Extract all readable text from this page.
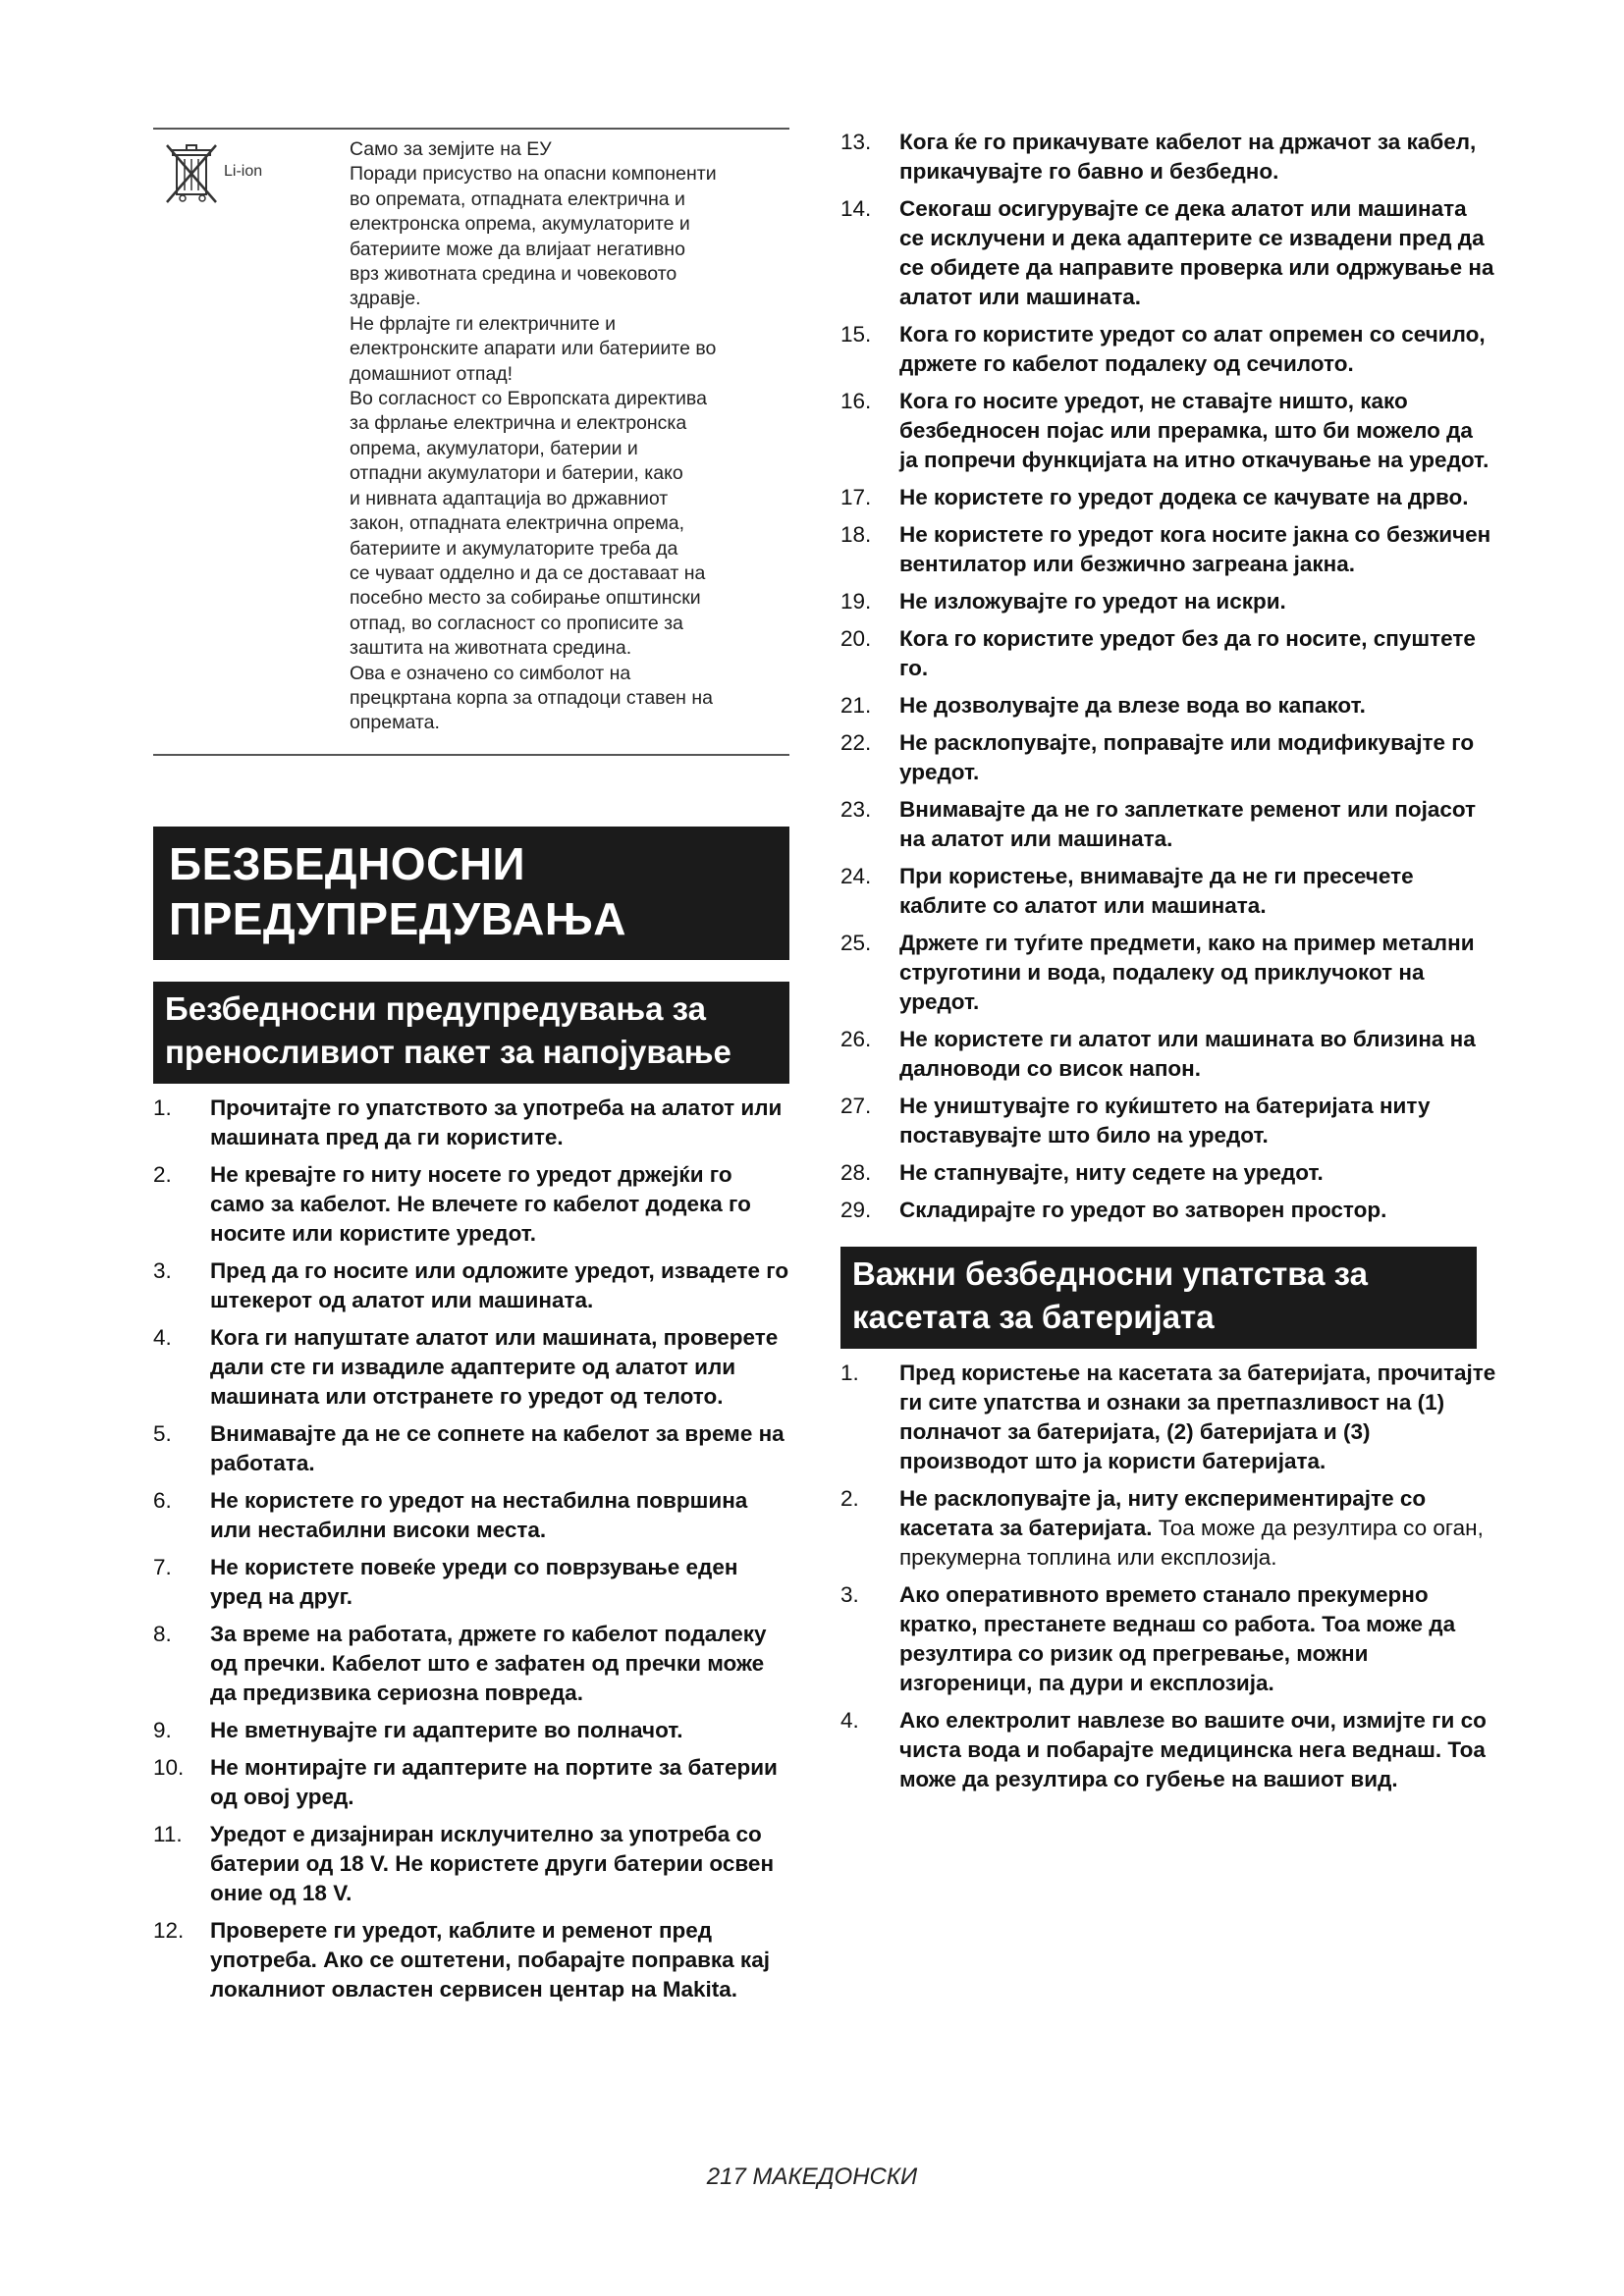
Li-ion

Само за земјите на ЕУ

Поради присуство на опасни компоненти

во опремата, отпадната електрична и

електронска опрема, акумулаторите и

батериите може да влијаат негативно

врз животната средина и човековото

здравје.

Не фрлајте ги електричните и

електронските апарати или батериите во

домашниот отпад!

Во согласност со Европската директива

за фрлање електрична и електронска

опрема, акумулатори, батерии и

отпадни акумулатори и батерии, како

и нивната адаптација во државниот

закон, отпадната електрична опрема,

батериите и акумулаторите треба да

се чуваат одделно и да се доставаат на

посебно место за собирање општински

отпад, во согласност со прописите за

заштита на животната средина.

Ова е означено со симболот на

прецкртана корпа за отпадоци ставен на

опремата.

БЕЗБЕДНОСНИ ПРЕДУПРЕДУВАЊА
Безбедносни предупредувања за преносливиот пакет за напојување
1.	Прочитајте го упатството за употреба на алатот или машината пред да ги користите.
2.	Не кревајте го ниту носете го уредот држејќи го само за кабелот. Не влечете го кабелот додека го носите или користите уредот.
3.	Пред да го носите или одложите уредот, извадете го штекерот од алатот или машината.
4.	Кога ги напуштате алатот или машината, проверете дали сте ги извадиле адаптерите од алатот или машината или отстранете го уредот од телото.
5.	Внимавајте да не се сопнете на кабелот за време на работата.
6.	Не користете го уредот на нестабилна површина или нестабилни високи места.
7.	Не користете повеќе уреди со поврзување еден уред на друг.
8.	За време на работата, држете го кабелот подалеку од пречки. Кабелот што е зафатен од пречки може да предизвика сериозна повреда.
9.	Не вметнувајте ги адаптерите во полначот.
10.	Не монтирајте ги адаптерите на портите за батерии од овој уред.
11.	Уредот е дизајниран исклучително за употреба со батерии од 18 V. Не користете други батерии освен оние од 18 V.
12.	Проверете ги уредот, каблите и ременот пред употреба. Ако се оштетени, побарајте поправка кај локалниот овластен сервисен центар на Makita.
13.	Кога ќе го прикачувате кабелот на држачот за кабел, прикачувајте го бавно и безбедно.
14.	Секогаш осигурувајте се дека алатот или машината се исклучени и дека адаптерите се извадени пред да се обидете да направите проверка или одржување на алатот или машината.
15.	Кога го користите уредот со алат опремен со сечило, држете го кабелот подалеку од сечилото.
16.	Кога го носите уредот, не ставајте ништо, како безбедносен појас или прерамка, што би можело да ја попречи функцијата на итно откачување на уредот.
17.	Не користете го уредот додека се качувате на дрво.
18.	Не користете го уредот кога носите јакна со безжичен вентилатор или безжично загреана јакна.
19.	Не изложувајте го уредот на искри.
20.	Кога го користите уредот без да го носите, спуштете го.
21.	Не дозволувајте да влезе вода во капакот.
22.	Не расклопувајте, поправајте или модификувајте го уредот.
23.	Внимавајте да не го заплеткате ременот или појасот на алатот или машината.
24.	При користење, внимавајте да не ги пресечете каблите со алатот или машината.
25.	Држете ги туѓите предмети, како на пример метални струготини и вода, подалеку од приклучокот на уредот.
26.	Не користете ги алатот или машината во близина на далноводи со висок напон.
27.	Не уништувајте го куќиштето на батеријата ниту поставувајте што било на уредот.
28.	Не стапнувајте, ниту седете на уредот.
29.	Складирајте го уредот во затворен простор.
Важни безбедносни упатства за касетата за батеријата
1.	Пред користење на касетата за батеријата, прочитајте ги сите упатства и ознаки за претпазливост на (1) полначот за батеријата, (2) батеријата и (3) производот што ја користи батеријата.
2.	Не расклопувајте ја, ниту експериментирајте со касетата за батеријата. Тоа може да резултира со оган, прекумерна топлина или експлозија.
3.	Ако оперативното времето станало прекумерно кратко, престанете веднаш со работа. Тоа може да резултира со ризик од прегревање, можни изгореници, па дури и експлозија.
4.	Ако електролит навлезе во вашите очи, измијте ги со чиста вода и побарајте медицинска нега веднаш. Тоа може да резултира со губење на вашиот вид.
217 МАКЕДОНСКИ
